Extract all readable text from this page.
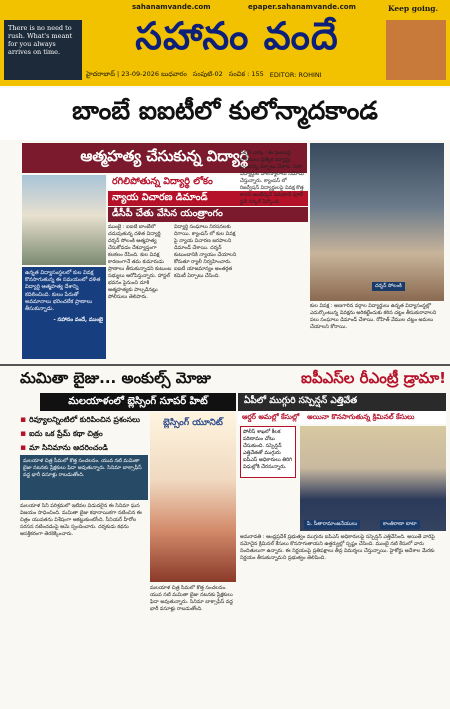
sahanamvande.com	epaper.sahanamvande.com
There is no need to rush. What's meant for you always arrives on time.	సహానం వందే
హైదరాబాద్ | 23-09-2026 బుధవారం సంపుటి-02 సంచిక : 155 EDITOR: ROHINI
Keep going.
బాంబే ఐఐటీలో కులోన్మాదకాండ
ఆత్మహత్య చేసుకున్న విద్యార్థి
ఉన్నత విద్యాసంస్థలలో కుల వివక్ష కొనసాగుతున్న ఈ సమయంలో దళిత విద్యార్థి ఆత్మహత్య దేశాన్ని కదిలించింది. కులం పేరుతో అవమానాలు భరించలేక ప్రాణాలు తీసుకున్నాడు.
- సహానం వందే, ముంబై
రగిలిపోతున్న విద్యార్థి లోకం
న్యాయ విచారణ డిమాండ్
డీసీపీ చేతు వేసిన యంత్రాంగం
ముంబై : ఐఐటీ బాంబేలో చదువుతున్న దళిత విద్యార్థి దర్శన్ సోలంకి ఆత్మహత్య చేసుకోవడం దేశవ్యాప్తంగా కలకలం రేపింది. కుల వివక్ష కారణంగానే తమ కుమారుడు ప్రాణాలు తీసుకున్నాడని కుటుంబ సభ్యులు ఆరోపిస్తున్నారు. హాస్టల్ భవనం పైనుంచి దూకి ఆత్మహత్యకు పాల్పడినట్లు పోలీసులు తెలిపారు.
విద్యార్థి సంఘాలు నిరసనలకు దిగాయి. క్యాంపస్ లో కుల వివక్ష పై న్యాయ విచారణ జరపాలని డిమాండ్ చేశాయి. దర్శన్ కుటుంబానికి న్యాయం చేయాలని కోరుతూ ర్యాలీ నిర్వహించారు. ఐఐటీ యాజమాన్యం అంతర్గత కమిటీ ఏర్పాటు చేసింది.
దర్శన్ చావు : ఈ ఘటనపై పోలీసులు ప్రత్యేక దర్యాప్తు బృందాన్ని ఏర్పాటు చేశారు. సహ విద్యార్థుల వాంగ్మూలాలు నమోదు చేస్తున్నారు. క్యాంపస్ లో రిజర్వేషన్ విద్యార్థులపై వివక్ష కొత్త కాదని అంబేద్కర్ పెరియార్ ఫూలే స్టడీ సర్కిల్ పేర్కొంది.
దర్శన్ సోలంకి
కుల వివక్ష : అణగారిన వర్గాల విద్యార్థులు ఉన్నత విద్యాసంస్థల్లో ఎదుర్కొంటున్న వివక్షను అరికట్టేందుకు కఠిన చట్టం తీసుకురావాలని పలు సంఘాలు డిమాండ్ చేశాయి. రోహిత్ వేముల చట్టం అమలు చేయాలని కోరాయి.
మమితా బైజు... అంకుల్స్ మోజు
మలయాళంలో బ్లెస్సింగ్ సూపర్ హిట్
▪ రివ్యూలన్నింటిలో కురిపించిన ప్రశంసలు
▪ ఐదు ఒక ప్రేమ్ కథా చిత్రం
▪ మా సినిమాను ఆదరించండి
మలయాళ చిత్ర సీమలో కొత్త సంచలనం. యువ నటి మమితా బైజు నటనకు ప్రేక్షకులు ఫిదా అవుతున్నారు. సినిమా బాక్సాఫీస్ వద్ద భారీ వసూళ్లు రాబడుతోంది.
మలయాళ సినీ పరిశ్రమలో ఇటీవల విడుదలైన ఈ సినిమా ఘన విజయం సాధించింది. మమితా బైజు కథానాయికగా నటించిన ఈ చిత్రం యువతను విశేషంగా ఆకట్టుకుంటోంది. సీనియర్ హీరోల సరసన నటించడంపై ఆమె స్పందించారు. దర్శకుడు కథను ఆసక్తికరంగా తెరకెక్కించారు.
బ్లెస్సింగ్ యూనిట్
మలయాళ చిత్ర సీమలో కొత్త సంచలనం. యువ నటి మమితా బైజు నటనకు ప్రేక్షకులు ఫిదా అవుతున్నారు. సినిమా బాక్సాఫీస్ వద్ద భారీ వసూళ్లు రాబడుతోంది.
ఐపీఎస్‌ల రీఎంట్రీ డ్రామా!
ఏపీలో ముగ్గురి సస్పెన్షన్ ఎత్తివేత
ఆర్డర్ అమల్లో కేసుల్లో అయినా కొనసాగుతున్న క్రిమినల్ కేసులు
పోలీస్ శాఖలో కీలక పరిణామం చోటు చేసుకుంది. సస్పెన్షన్ ఎత్తివేతతో ముగ్గురు ఐపీఎస్ అధికారులు తిరిగి విధుల్లోకి చేరనున్నారు.
పి. సీతారామాంజనేయులు	కాంతిరాణా టాటా
అమరావతి : ఆంధ్రప్రదేశ్ ప్రభుత్వం ముగ్గురు ఐపీఎస్ అధికారులపై సస్పెన్షన్ ఎత్తివేసింది. అయితే వారిపై నమోదైన క్రిమినల్ కేసులు కొనసాగుతాయని ఉత్తర్వుల్లో స్పష్టం చేసింది. ముంబై నటి కేసులో వారు నిందితులుగా ఉన్నారు. ఈ నిర్ణయంపై ప్రతిపక్షాలు తీవ్ర విమర్శలు చేస్తున్నాయి. హైకోర్టు ఆదేశాల మేరకు నిర్ణయం తీసుకున్నామని ప్రభుత్వం తెలిపింది.
